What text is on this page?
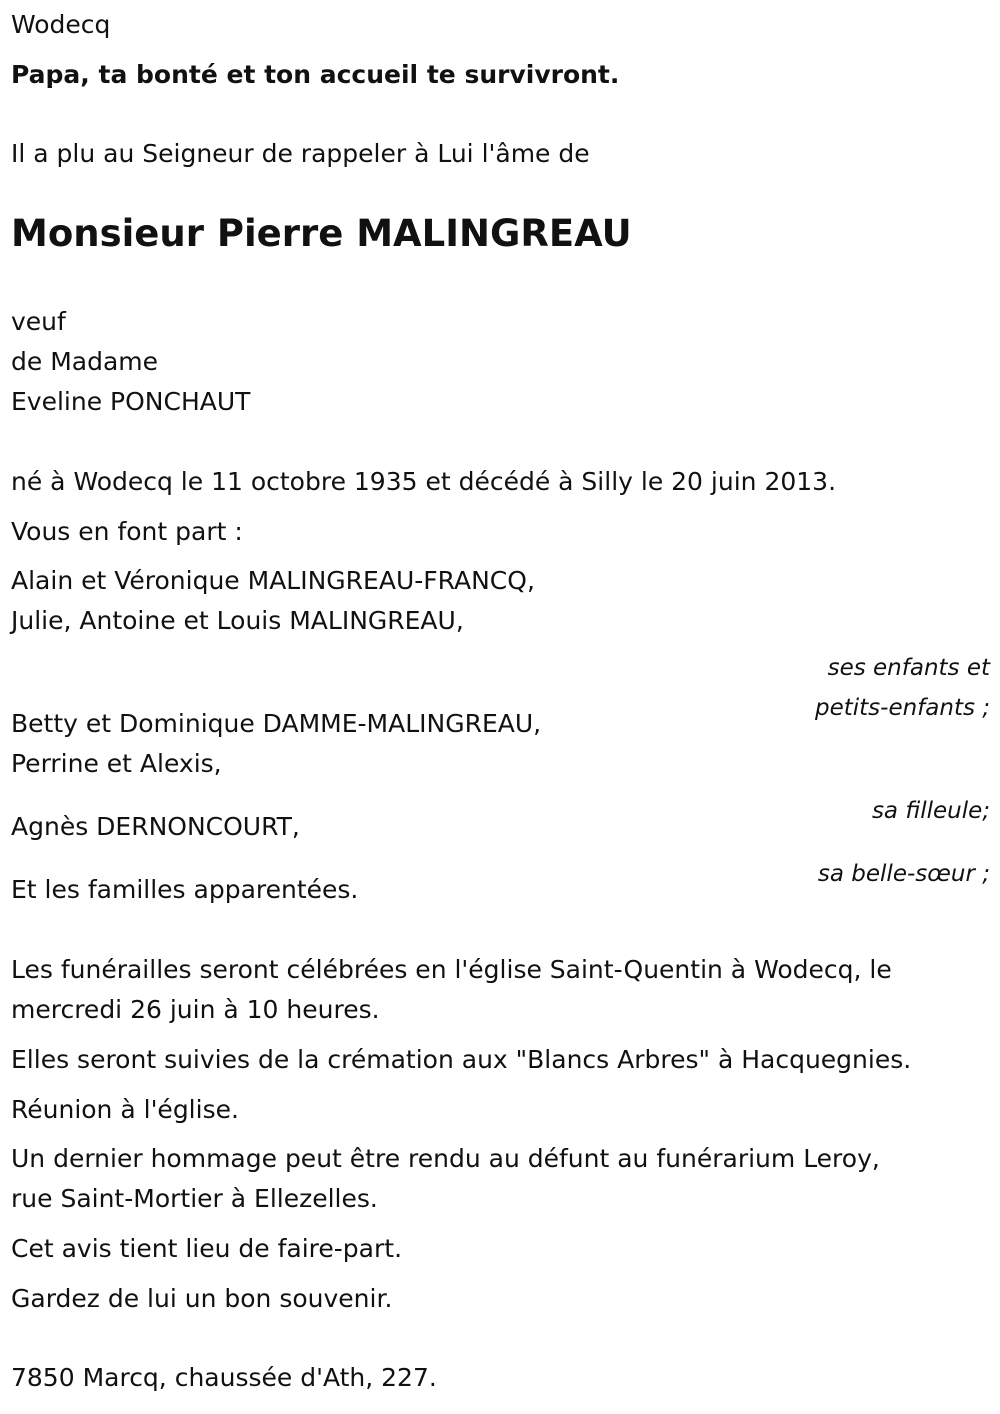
Wodecq

Papa, ta bonté et ton accueil te survivront.

Il a plu au Seigneur de rappeler à Lui l'âme de

Monsieur Pierre MALINGREAU

veuf

de Madame

Eveline PONCHAUT

né à Wodecq le 11 octobre 1935 et décédé à Silly le 20 juin 2013.

Vous en font part :

Alain et Véronique MALINGREAU-FRANCQ,

Julie, Antoine et Louis MALINGREAU,

ses enfants et

petits-enfants ;

Betty et Dominique DAMME-MALINGREAU,

Perrine et Alexis,

sa filleule;

Agnès DERNONCOURT,

sa belle-sœur ;

Et les familles apparentées.

Les funérailles seront célébrées en l'église Saint-Quentin à Wodecq, le

mercredi 26 juin à 10 heures.

Elles seront suivies de la crémation aux "Blancs Arbres" à Hacquegnies.

Réunion à l'église.

Un dernier hommage peut être rendu au défunt au funérarium Leroy,

rue Saint-Mortier à Ellezelles.

Cet avis tient lieu de faire-part.

Gardez de lui un bon souvenir.

7850 Marcq, chaussée d'Ath, 227.
